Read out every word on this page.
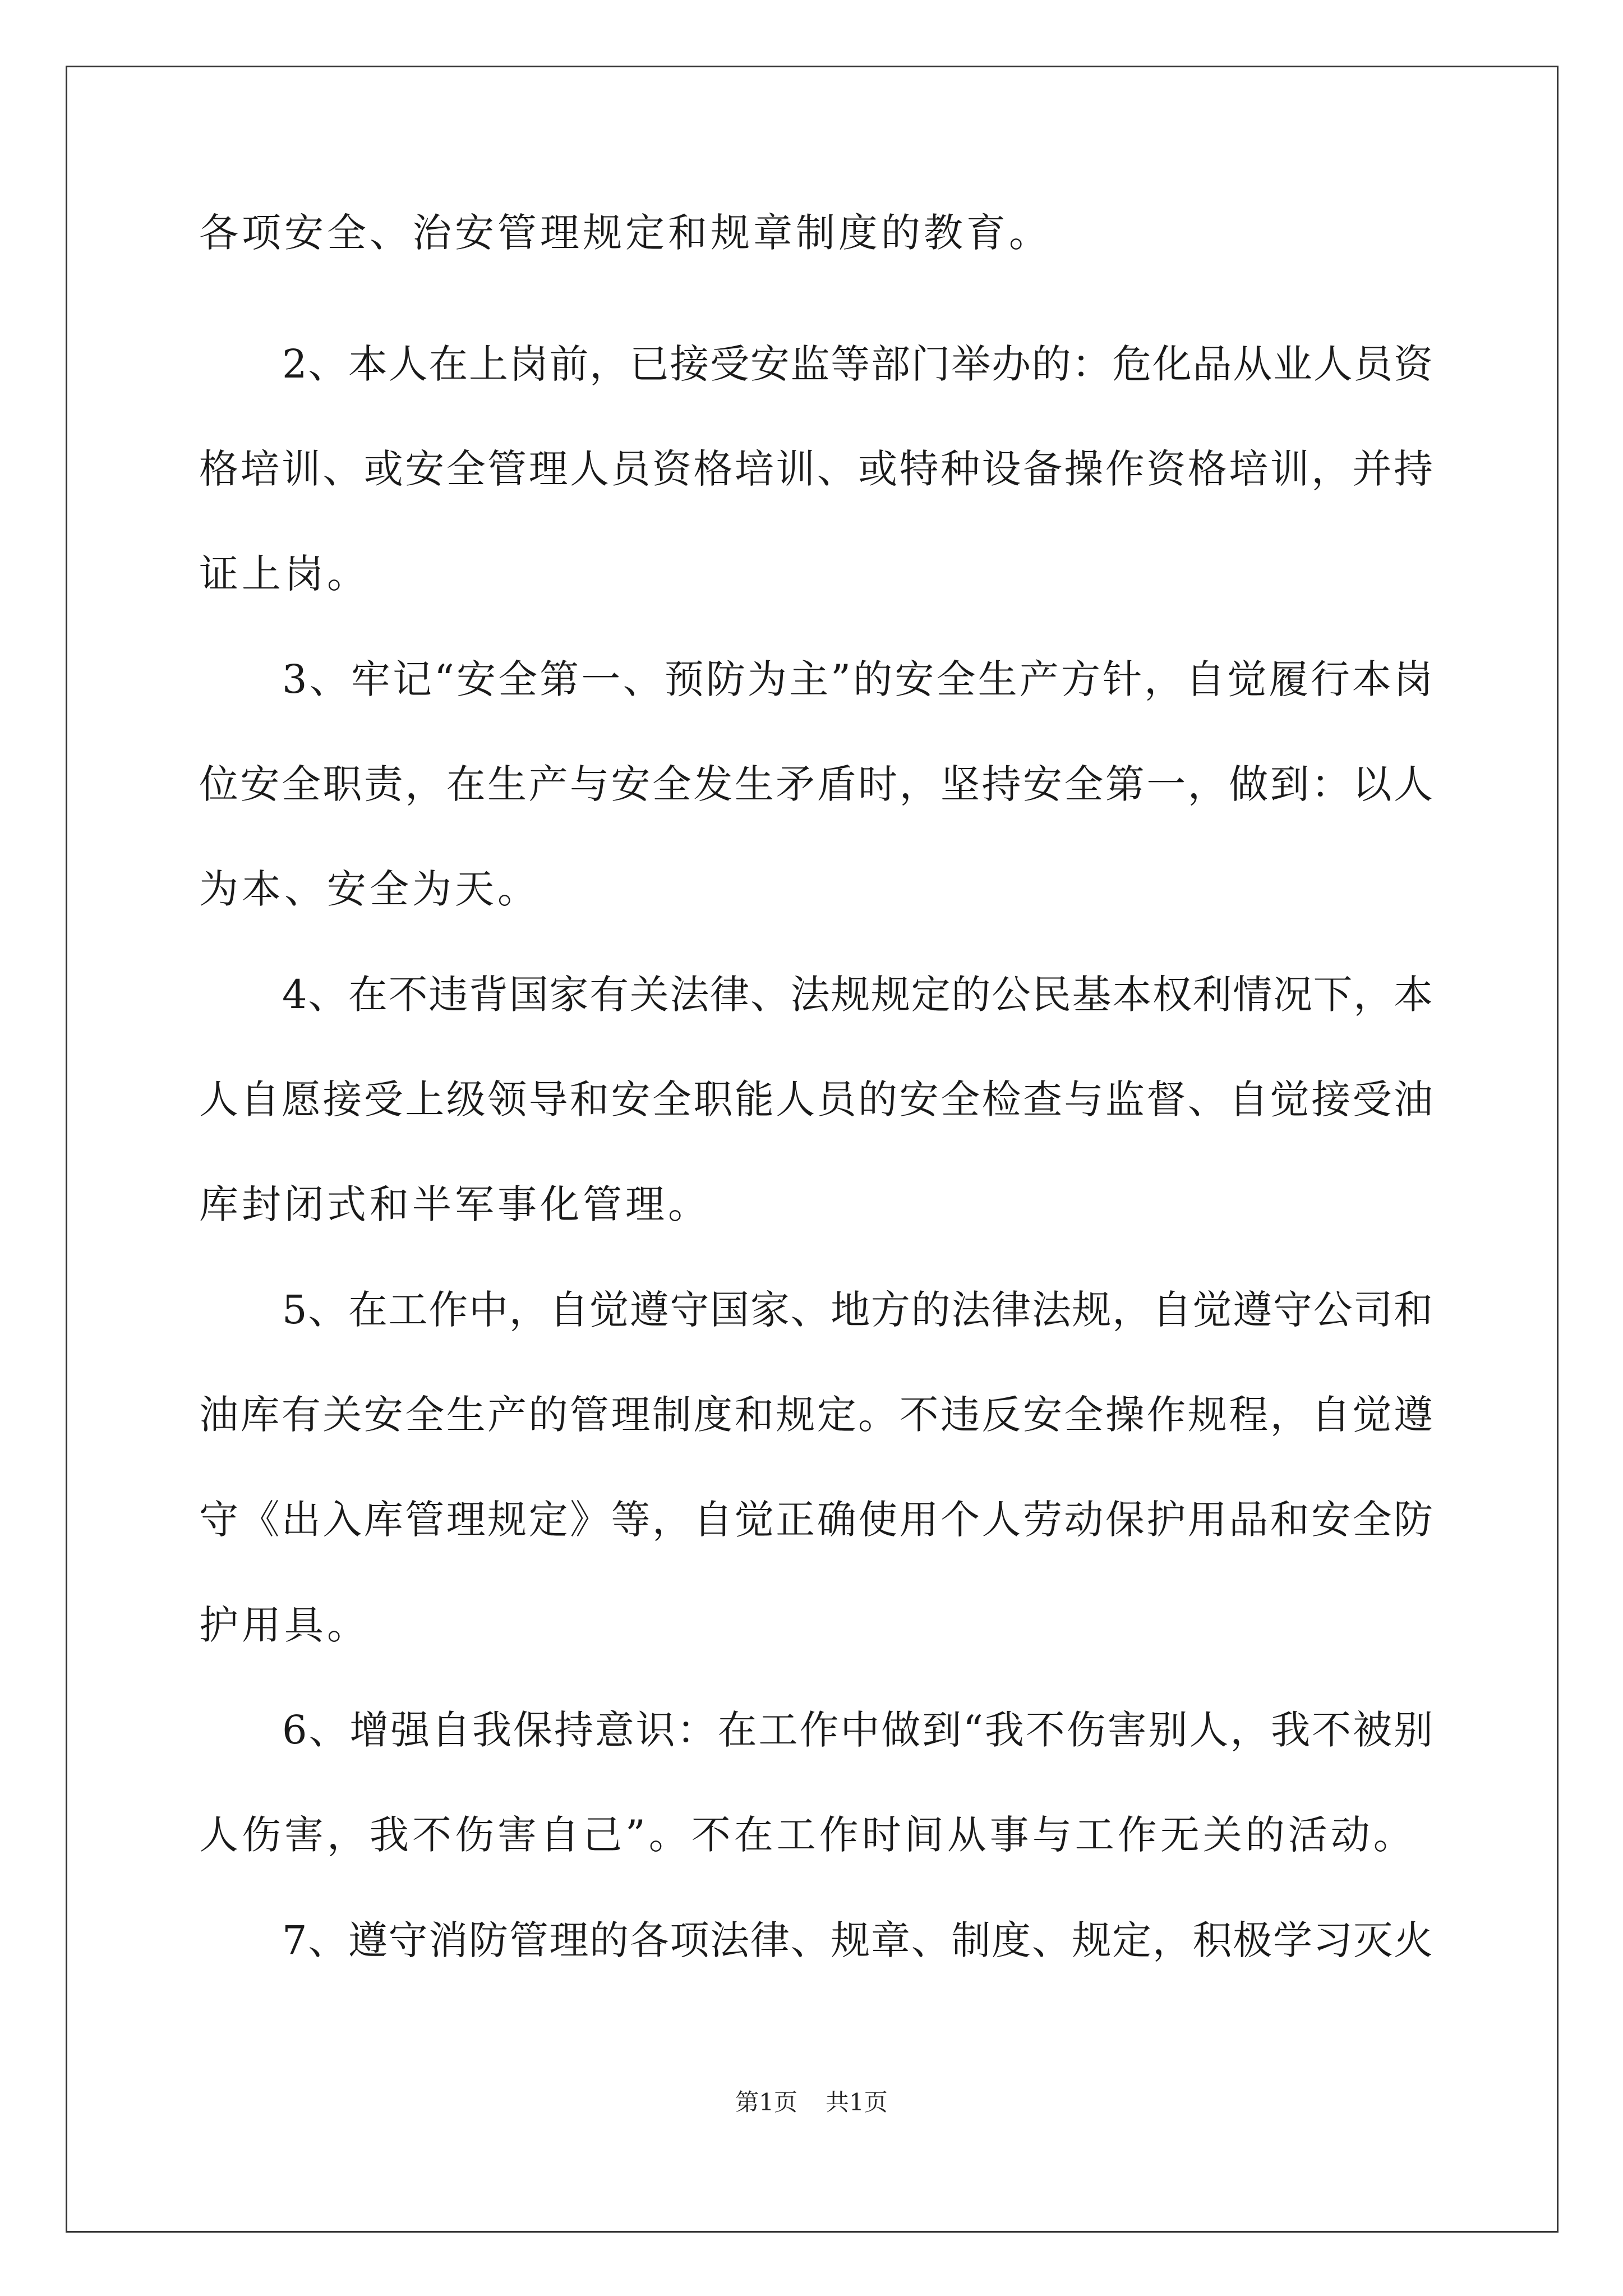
各项安全、治安管理规定和规章制度的教育。
2、本人在上岗前，已接受安监等部门举办的：危化品从业人员资
格培训、或安全管理人员资格培训、或特种设备操作资格培训，并持
证上岗。
3、牢记“安全第一、预防为主”的安全生产方针，自觉履行本岗
位安全职责，在生产与安全发生矛盾时，坚持安全第一，做到：以人
为本、安全为天。
4、在不违背国家有关法律、法规规定的公民基本权利情况下，本
人自愿接受上级领导和安全职能人员的安全检查与监督、自觉接受油
库封闭式和半军事化管理。
5、在工作中，自觉遵守国家、地方的法律法规，自觉遵守公司和
油库有关安全生产的管理制度和规定。不违反安全操作规程，自觉遵
守《出入库管理规定》等，自觉正确使用个人劳动保护用品和安全防
护用具。
6、增强自我保持意识：在工作中做到“我不伤害别人，我不被别
人伤害，我不伤害自己”。不在工作时间从事与工作无关的活动。
7、遵守消防管理的各项法律、规章、制度、规定，积极学习灭火
第1页 共1页
